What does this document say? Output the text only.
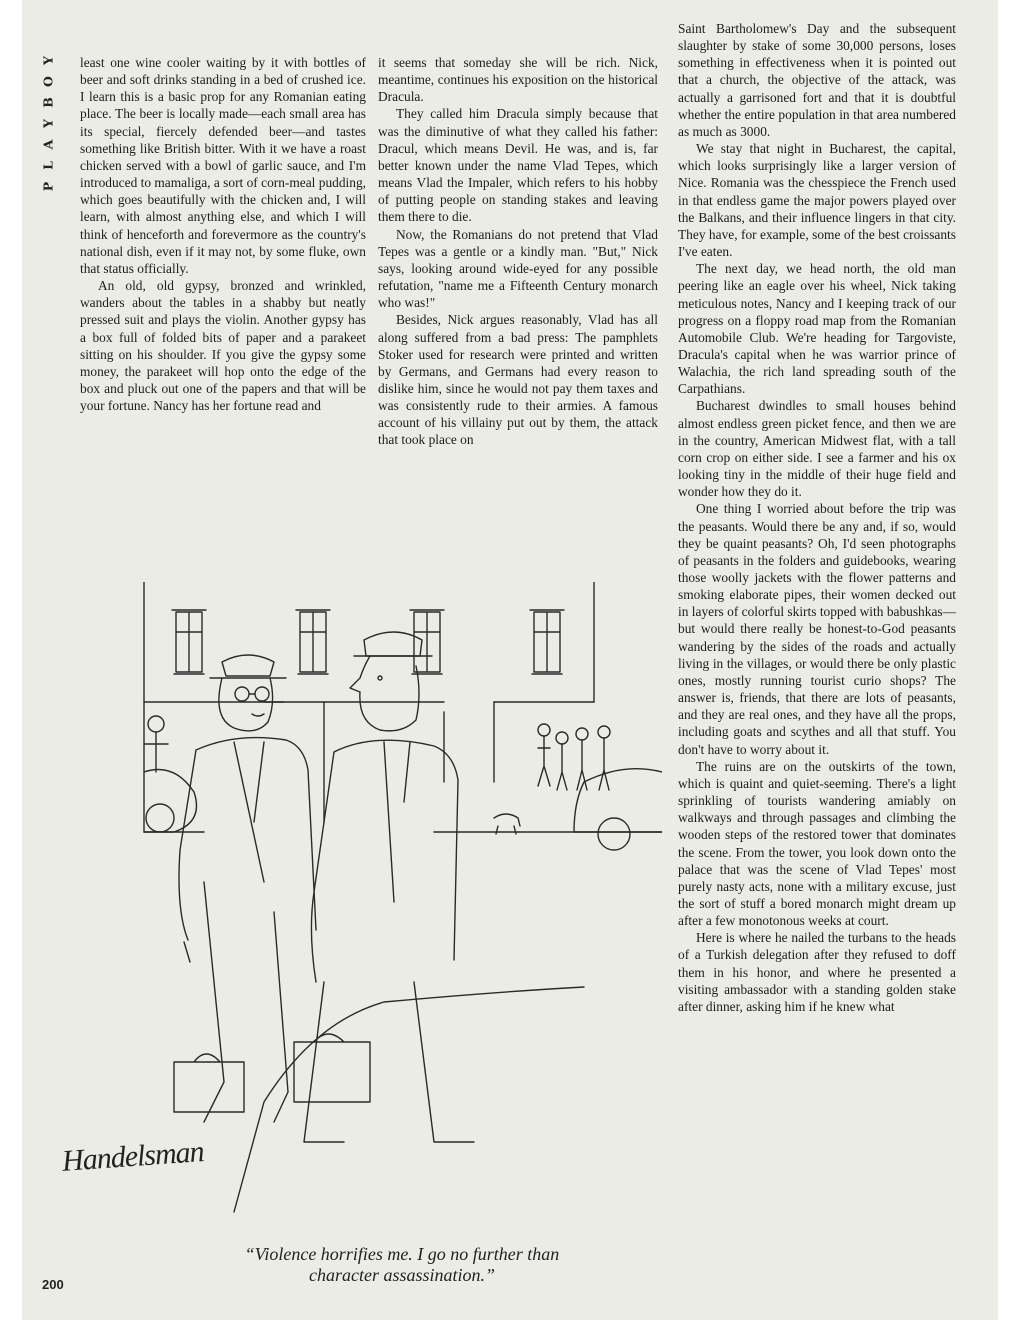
Y
O
B
Y
A
L
P

least one wine cooler waiting by it with bottles of beer and soft drinks standing in a bed of crushed ice. I learn this is a basic prop for any Romanian eating place. The beer is locally made—each small area has its special, fiercely defended beer—and tastes something like British bitter. With it we have a roast chicken served with a bowl of garlic sauce, and I'm introduced to mamaliga, a sort of corn-meal pudding, which goes beautifully with the chicken and, I will learn, with almost anything else, and which I will think of henceforth and forevermore as the country's national dish, even if it may not, by some fluke, own that status officially.

An old, old gypsy, bronzed and wrinkled, wanders about the tables in a shabby but neatly pressed suit and plays the violin. Another gypsy has a box full of folded bits of paper and a parakeet sitting on his shoulder. If you give the gypsy some money, the parakeet will hop onto the edge of the box and pluck out one of the papers and that will be your fortune. Nancy has her fortune read and

it seems that someday she will be rich. Nick, meantime, continues his exposition on the historical Dracula.

They called him Dracula simply because that was the diminutive of what they called his father: Dracul, which means Devil. He was, and is, far better known under the name Vlad Tepes, which means Vlad the Impaler, which refers to his hobby of putting people on standing stakes and leaving them there to die.

Now, the Romanians do not pretend that Vlad Tepes was a gentle or a kindly man. "But," Nick says, looking around wide-eyed for any possible refutation, "name me a Fifteenth Century monarch who was!"

Besides, Nick argues reasonably, Vlad has all along suffered from a bad press: The pamphlets Stoker used for research were printed and written by Germans, and Germans had every reason to dislike him, since he would not pay them taxes and was consistently rude to their armies. A famous account of his villainy put out by them, the attack that took place on

Saint Bartholomew's Day and the subsequent slaughter by stake of some 30,000 persons, loses something in effectiveness when it is pointed out that a church, the objective of the attack, was actually a garrisoned fort and that it is doubtful whether the entire population in that area numbered as much as 3000.

We stay that night in Bucharest, the capital, which looks surprisingly like a larger version of Nice. Romania was the chesspiece the French used in that endless game the major powers played over the Balkans, and their influence lingers in that city. They have, for example, some of the best croissants I've eaten.

The next day, we head north, the old man peering like an eagle over his wheel, Nick taking meticulous notes, Nancy and I keeping track of our progress on a floppy road map from the Romanian Automobile Club. We're heading for Targoviste, Dracula's capital when he was warrior prince of Walachia, the rich land spreading south of the Carpathians.

Bucharest dwindles to small houses behind almost endless green picket fence, and then we are in the country, American Midwest flat, with a tall corn crop on either side. I see a farmer and his ox looking tiny in the middle of their huge field and wonder how they do it.

One thing I worried about before the trip was the peasants. Would there be any and, if so, would they be quaint peasants? Oh, I'd seen photographs of peasants in the folders and guidebooks, wearing those woolly jackets with the flower patterns and smoking elaborate pipes, their women decked out in layers of colorful skirts topped with babushkas—but would there really be honest-to-God peasants wandering by the sides of the roads and actually living in the villages, or would there be only plastic ones, mostly running tourist curio shops? The answer is, friends, that there are lots of peasants, and they are real ones, and they have all the props, including goats and scythes and all that stuff. You don't have to worry about it.

The ruins are on the outskirts of the town, which is quaint and quiet-seeming. There's a light sprinkling of tourists wandering amiably on walkways and through passages and climbing the wooden steps of the restored tower that dominates the scene. From the tower, you look down onto the palace that was the scene of Vlad Tepes' most purely nasty acts, none with a military excuse, just the sort of stuff a bored monarch might dream up after a few monotonous weeks at court.

Here is where he nailed the turbans to the heads of a Turkish delegation after they refused to doff them in his honor, and where he presented a visiting ambassador with a standing golden stake after dinner, asking him if he knew what

Handelsman
“Violence horrifies me. I go no further than
character assassination.”
200
